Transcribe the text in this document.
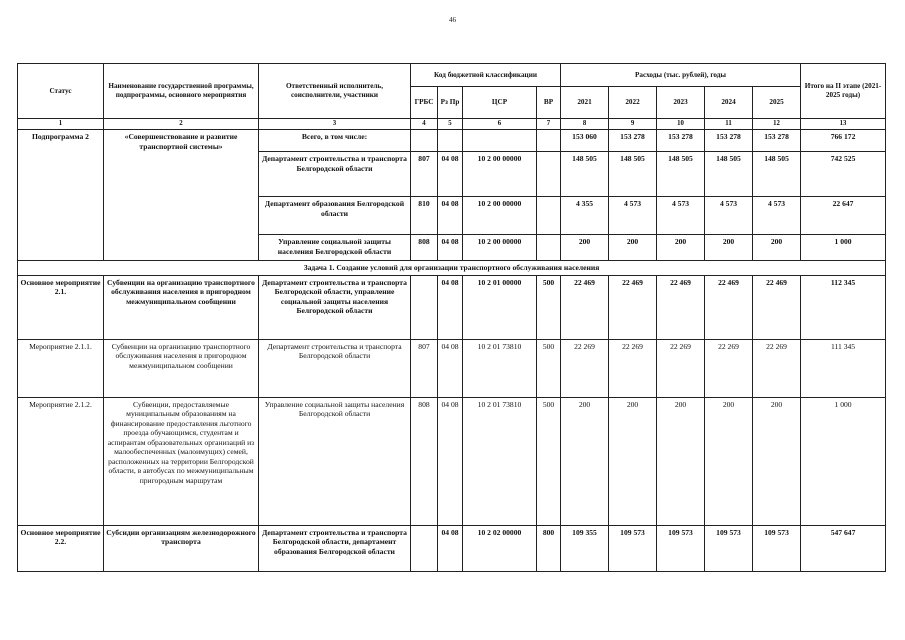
46
Статус	Наименование государственной программы, подпрограммы, основного мероприятия	Ответственный исполнитель, соисполнители, участники	Код бюджетной классификации				Расходы (тыс. рублей), годы					Итого на II этапе (2021-2025 годы)
			ГРБС	Рз Пр	ЦСР	ВР	2021	2022	2023	2024	2025	
1	2	3	4	5	6	7	8	9	10	11	12	13
Подпрограмма 2	«Совершенствование и развитие транспортной системы»	Всего, в том числе:					153 060	153 278	153 278	153 278	153 278	766 172
		Департамент строительства и транспорта Белгородской области	807	04 08	10 2 00 00000		148 505	148 505	148 505	148 505	148 505	742 525
		Департамент образования Белгородской области	810	04 08	10 2 00 00000		4 355	4 573	4 573	4 573	4 573	22 647
		Управление социальной защиты населения Белгородской области	808	04 08	10 2 00 00000		200	200	200	200	200	1 000
Задача 1. Создание условий для организации транспортного обслуживания населения												
Основное мероприятие 2.1.	Субвенции на организацию транспортного обслуживания населения в пригородном межмуниципальном сообщении	Департамент строительства и транспорта Белгородской области, управление социальной защиты населения Белгородской области		04 08	10 2 01 00000	500	22 469	22 469	22 469	22 469	22 469	112 345
Мероприятие 2.1.1.	Субвенции на организацию транспортного обслуживания населения в пригородном межмуниципальном сообщении	Департамент строительства и транспорта Белгородской области	807	04 08	10 2 01 73810	500	22 269	22 269	22 269	22 269	22 269	111 345
Мероприятие 2.1.2.	Субвенции, предоставляемые муниципальным образованиям на финансирование предоставления льготного проезда обучающимся, студентам и аспирантам образовательных организаций из малообеспеченных (малоимущих) семей, расположенных на территории Белгородской области, в автобусах по межмуниципальным пригородным маршрутам	Управление социальной защиты населения Белгородской области	808	04 08	10 2 01 73810	500	200	200	200	200	200	1 000
Основное мероприятие 2.2.	Субсидии организациям железнодорожного транспорта	Департамент строительства и транспорта Белгородской области, департамент образования Белгородской области		04 08	10 2 02 00000	800	109 355	109 573	109 573	109 573	109 573	547 647
